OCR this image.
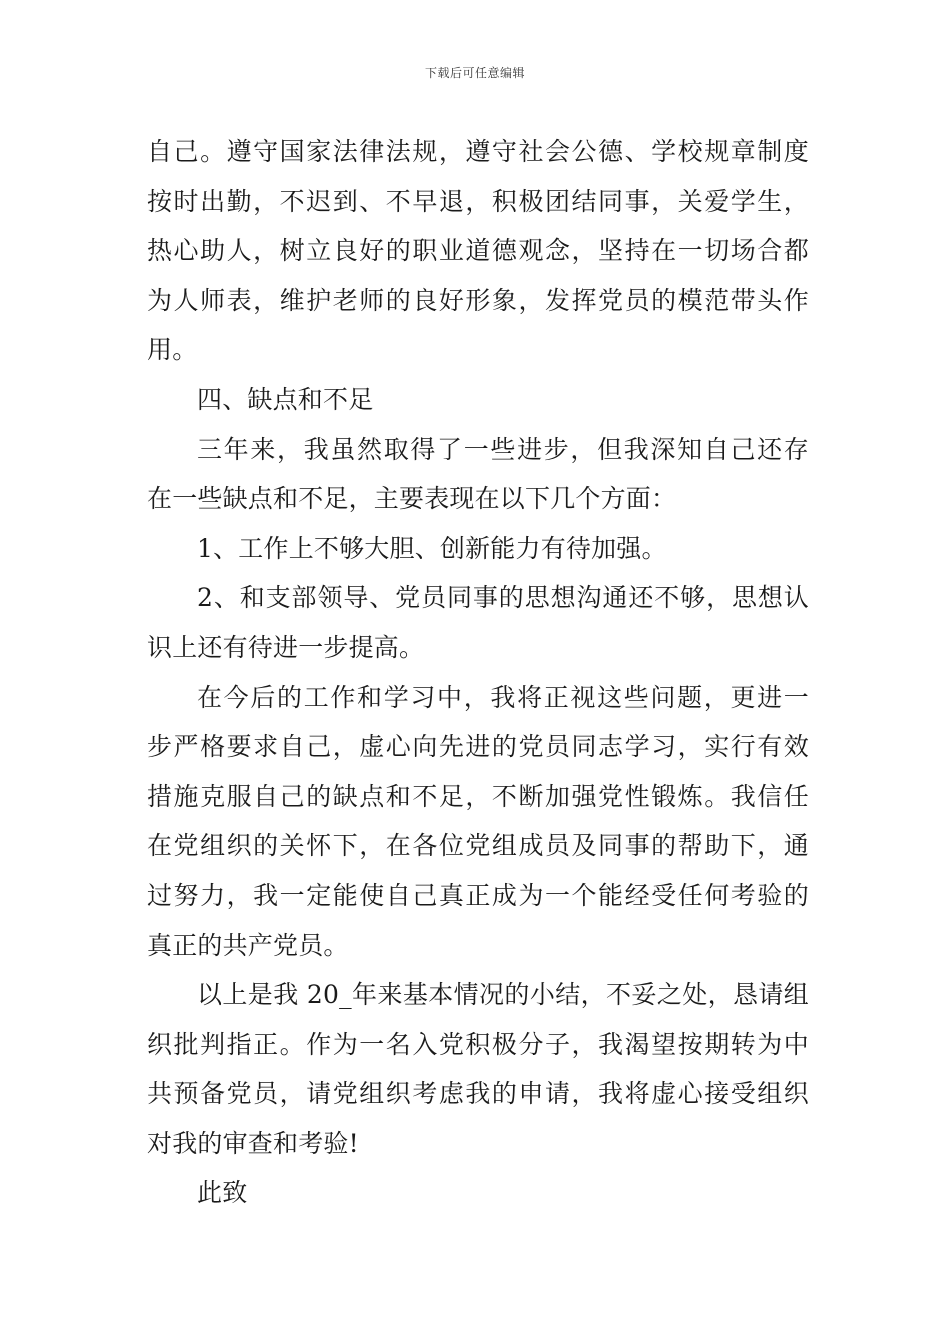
下载后可任意编辑
自己。遵守国家法律法规，遵守社会公德、学校规章制度
按时出勤，不迟到、不早退，积极团结同事，关爱学生，
热心助人，树立良好的职业道德观念，坚持在一切场合都
为人师表，维护老师的良好形象，发挥党员的模范带头作
用。
四、缺点和不足
三年来，我虽然取得了一些进步，但我深知自己还存
在一些缺点和不足，主要表现在以下几个方面：
1、工作上不够大胆、创新能力有待加强。
2、和支部领导、党员同事的思想沟通还不够，思想认
识上还有待进一步提高。
在今后的工作和学习中，我将正视这些问题，更进一
步严格要求自己，虚心向先进的党员同志学习，实行有效
措施克服自己的缺点和不足，不断加强党性锻炼。我信任
在党组织的关怀下，在各位党组成员及同事的帮助下，通
过努力，我一定能使自己真正成为一个能经受任何考验的
真正的共产党员。
以上是我 20_年来基本情况的小结，不妥之处，恳请组
织批判指正。作为一名入党积极分子，我渴望按期转为中
共预备党员，请党组织考虑我的申请，我将虚心接受组织
对我的审查和考验!
此致
